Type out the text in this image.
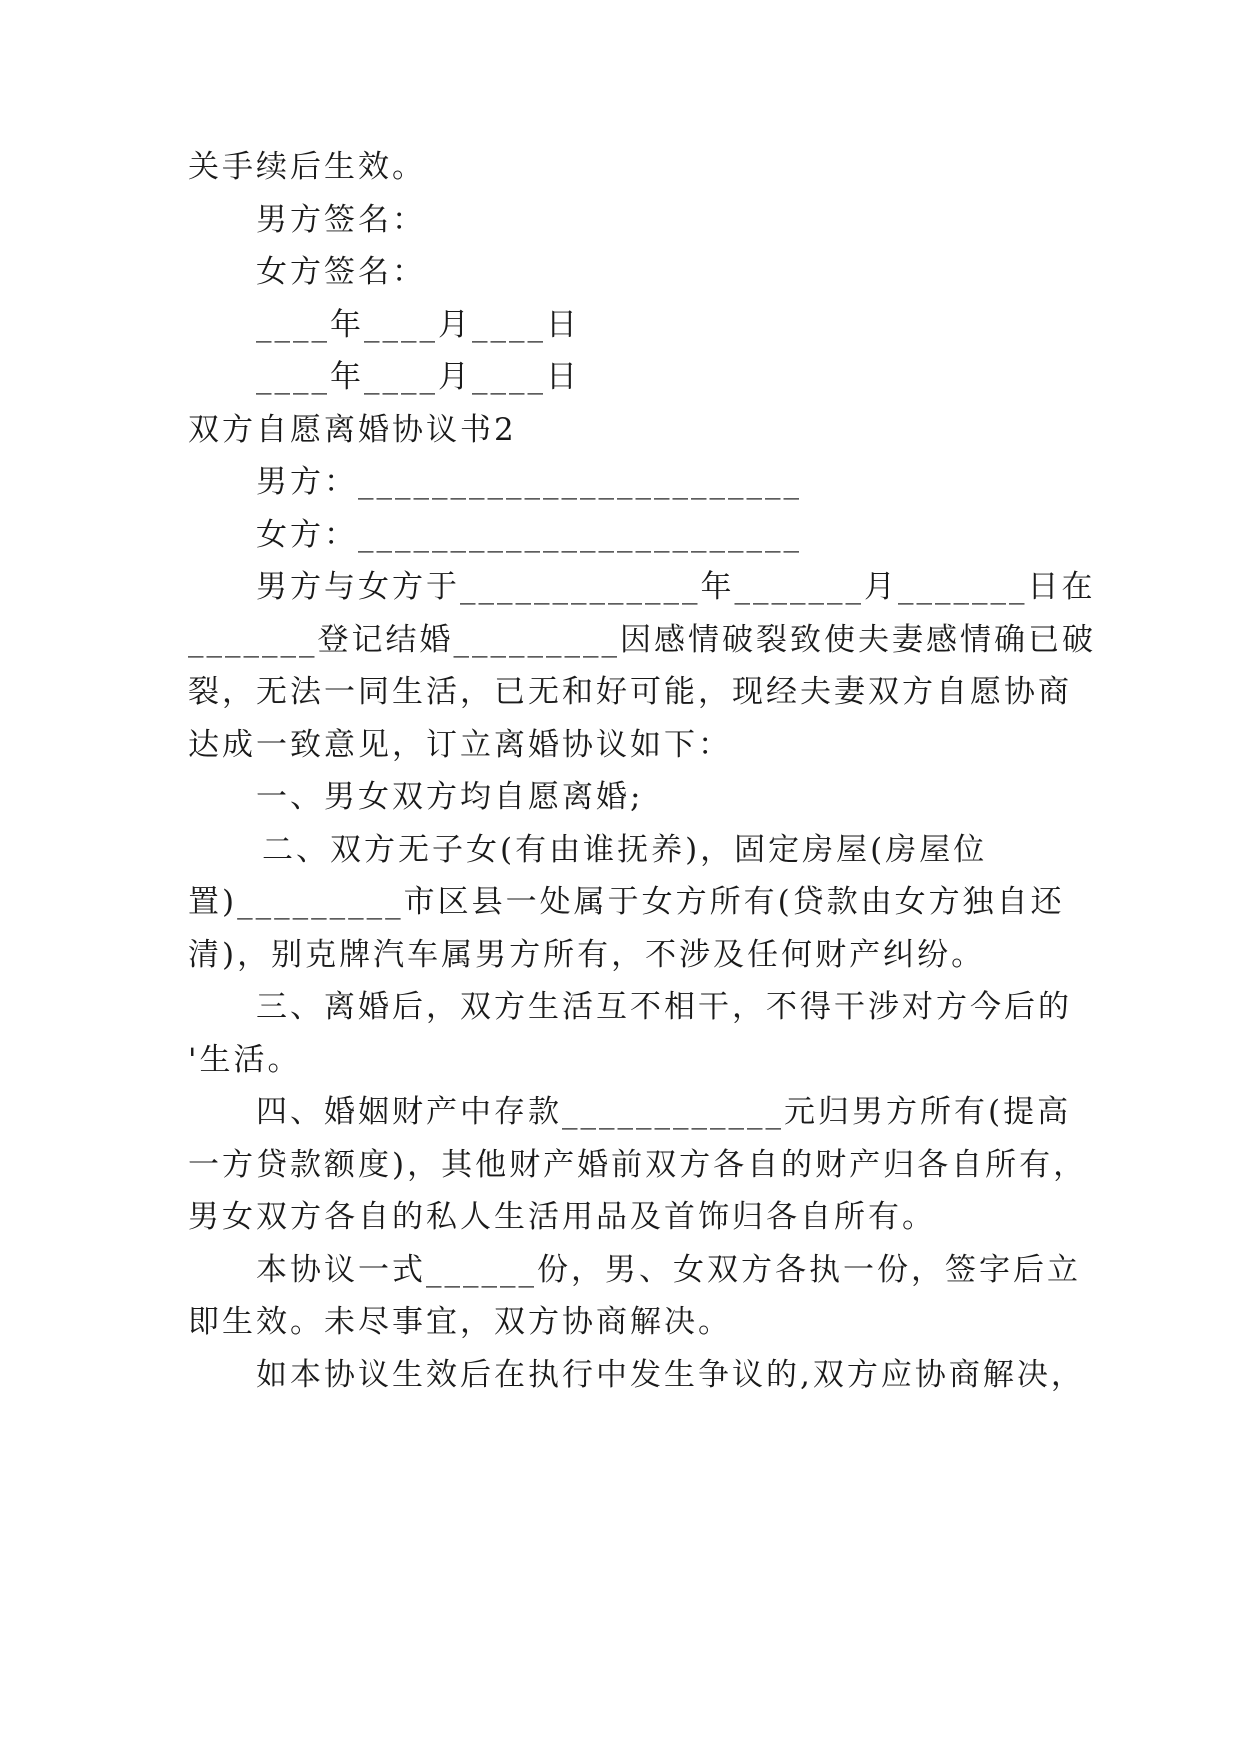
关手续后生效。

男方签名：

女方签名：

____年____月____日

____年____月____日

双方自愿离婚协议书2

男方：________________________

女方：________________________

男方与女方于_____________年_______月_______日在

_______登记结婚_________因感情破裂致使夫妻感情确已破

裂，无法一同生活，已无和好可能，现经夫妻双方自愿协商

达成一致意见，订立离婚协议如下：

一、男女双方均自愿离婚;

二、双方无子女(有由谁抚养)，固定房屋(房屋位

置)_________市区县一处属于女方所有(贷款由女方独自还

清)，别克牌汽车属男方所有，不涉及任何财产纠纷。

三、离婚后，双方生活互不相干，不得干涉对方今后的

'生活。

四、婚姻财产中存款____________元归男方所有(提高

一方贷款额度)，其他财产婚前双方各自的财产归各自所有，

男女双方各自的私人生活用品及首饰归各自所有。

本协议一式______份，男、女双方各执一份，签字后立

即生效。未尽事宜，双方协商解决。

如本协议生效后在执行中发生争议的,双方应协商解决，
